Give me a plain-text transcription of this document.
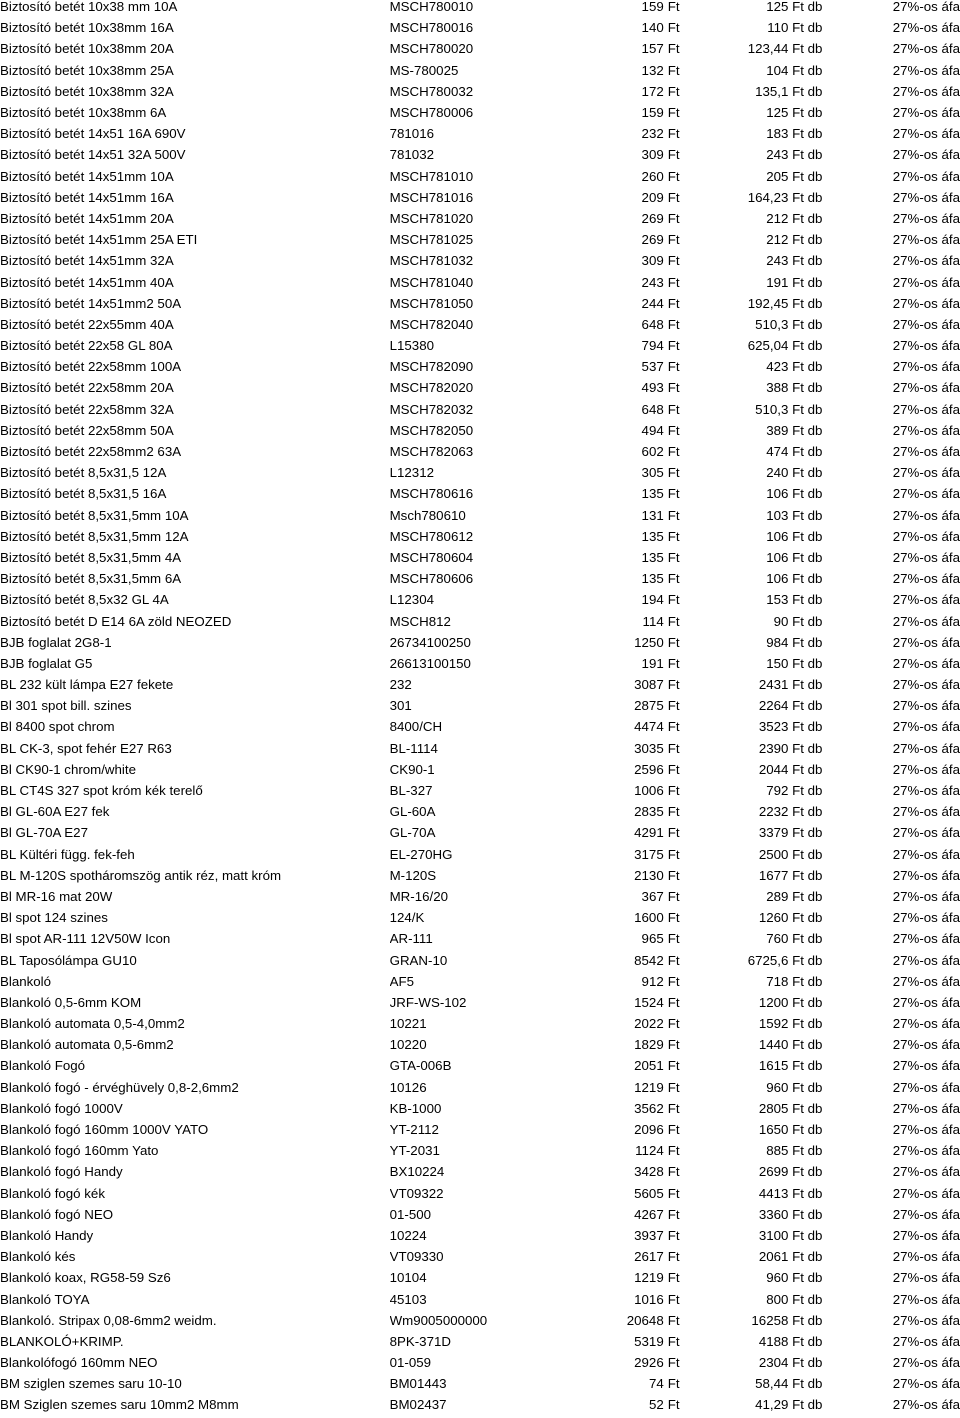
Biztosító betét 10x38 mm 10A	MSCH780010	159	Ft	125 Ft db	27%-os áfa
Biztosító betét 10x38mm 16A	MSCH780016	140	Ft	110 Ft db	27%-os áfa
Biztosító betét 10x38mm 20A	MSCH780020	157	Ft	123,44 Ft db	27%-os áfa
Biztosító betét 10x38mm 25A	MS-780025	132	Ft	104 Ft db	27%-os áfa
Biztosító betét 10x38mm 32A	MSCH780032	172	Ft	135,1 Ft db	27%-os áfa
Biztosító betét 10x38mm 6A	MSCH780006	159	Ft	125 Ft db	27%-os áfa
Biztosító betét 14x51 16A 690V	781016	232	Ft	183 Ft db	27%-os áfa
Biztosító betét 14x51 32A 500V	781032	309	Ft	243 Ft db	27%-os áfa
Biztosító betét 14x51mm 10A	MSCH781010	260	Ft	205 Ft db	27%-os áfa
Biztosító betét 14x51mm 16A	MSCH781016	209	Ft	164,23 Ft db	27%-os áfa
Biztosító betét 14x51mm 20A	MSCH781020	269	Ft	212 Ft db	27%-os áfa
Biztosító betét 14x51mm 25A ETI	MSCH781025	269	Ft	212 Ft db	27%-os áfa
Biztosító betét 14x51mm 32A	MSCH781032	309	Ft	243 Ft db	27%-os áfa
Biztosító betét 14x51mm 40A	MSCH781040	243	Ft	191 Ft db	27%-os áfa
Biztosító betét 14x51mm2 50A	MSCH781050	244	Ft	192,45 Ft db	27%-os áfa
Biztosító betét 22x55mm 40A	MSCH782040	648	Ft	510,3 Ft db	27%-os áfa
Biztosító betét 22x58 GL 80A	L15380	794	Ft	625,04 Ft db	27%-os áfa
Biztosító betét 22x58mm 100A	MSCH782090	537	Ft	423 Ft db	27%-os áfa
Biztosító betét 22x58mm 20A	MSCH782020	493	Ft	388 Ft db	27%-os áfa
Biztosító betét 22x58mm 32A	MSCH782032	648	Ft	510,3 Ft db	27%-os áfa
Biztosító betét 22x58mm 50A	MSCH782050	494	Ft	389 Ft db	27%-os áfa
Biztosító betét 22x58mm2 63A	MSCH782063	602	Ft	474 Ft db	27%-os áfa
Biztosító betét 8,5x31,5 12A	L12312	305	Ft	240 Ft db	27%-os áfa
Biztosító betét 8,5x31,5 16A	MSCH780616	135	Ft	106 Ft db	27%-os áfa
Biztosító betét 8,5x31,5mm 10A	Msch780610	131	Ft	103 Ft db	27%-os áfa
Biztosító betét 8,5x31,5mm 12A	MSCH780612	135	Ft	106 Ft db	27%-os áfa
Biztosító betét 8,5x31,5mm 4A	MSCH780604	135	Ft	106 Ft db	27%-os áfa
Biztosító betét 8,5x31,5mm 6A	MSCH780606	135	Ft	106 Ft db	27%-os áfa
Biztosító betét 8,5x32 GL 4A	L12304	194	Ft	153 Ft db	27%-os áfa
Biztosító betét D E14 6A zöld NEOZED	MSCH812	114	Ft	90 Ft db	27%-os áfa
BJB foglalat 2G8-1	26734100250	1250	Ft	984 Ft db	27%-os áfa
BJB foglalat G5	26613100150	191	Ft	150 Ft db	27%-os áfa
BL 232 kült lámpa E27 fekete	232	3087	Ft	2431 Ft db	27%-os áfa
Bl 301 spot bill. szines	301	2875	Ft	2264 Ft db	27%-os áfa
Bl 8400 spot chrom	8400/CH	4474	Ft	3523 Ft db	27%-os áfa
BL CK-3, spot fehér E27 R63	BL-1114	3035	Ft	2390 Ft db	27%-os áfa
Bl CK90-1 chrom/white	CK90-1	2596	Ft	2044 Ft db	27%-os áfa
BL CT4S 327 spot króm kék terelő	BL-327	1006	Ft	792 Ft db	27%-os áfa
Bl GL-60A E27 fek	GL-60A	2835	Ft	2232 Ft db	27%-os áfa
Bl GL-70A E27	GL-70A	4291	Ft	3379 Ft db	27%-os áfa
BL Kültéri függ. fek-feh	EL-270HG	3175	Ft	2500 Ft db	27%-os áfa
BL M-120S spotháromszög antik réz, matt króm	M-120S	2130	Ft	1677 Ft db	27%-os áfa
Bl MR-16 mat 20W	MR-16/20	367	Ft	289 Ft db	27%-os áfa
Bl spot 124 szines	124/K	1600	Ft	1260 Ft db	27%-os áfa
Bl spot AR-111 12V50W Icon	AR-111	965	Ft	760 Ft db	27%-os áfa
BL Taposólámpa GU10	GRAN-10	8542	Ft	6725,6 Ft db	27%-os áfa
Blankoló	AF5	912	Ft	718 Ft db	27%-os áfa
Blankoló 0,5-6mm KOM	JRF-WS-102	1524	Ft	1200 Ft db	27%-os áfa
Blankoló automata 0,5-4,0mm2	10221	2022	Ft	1592 Ft db	27%-os áfa
Blankoló automata 0,5-6mm2	10220	1829	Ft	1440 Ft db	27%-os áfa
Blankoló Fogó	GTA-006B	2051	Ft	1615 Ft db	27%-os áfa
Blankoló fogó - érvéghüvely 0,8-2,6mm2	10126	1219	Ft	960 Ft db	27%-os áfa
Blankoló fogó 1000V	KB-1000	3562	Ft	2805 Ft db	27%-os áfa
Blankoló fogó 160mm 1000V YATO	YT-2112	2096	Ft	1650 Ft db	27%-os áfa
Blankoló fogó 160mm Yato	YT-2031	1124	Ft	885 Ft db	27%-os áfa
Blankoló fogó Handy	BX10224	3428	Ft	2699 Ft db	27%-os áfa
Blankoló fogó kék	VT09322	5605	Ft	4413 Ft db	27%-os áfa
Blankoló fogó NEO	01-500	4267	Ft	3360 Ft db	27%-os áfa
Blankoló Handy	10224	3937	Ft	3100 Ft db	27%-os áfa
Blankoló kés	VT09330	2617	Ft	2061 Ft db	27%-os áfa
Blankoló koax, RG58-59 Sz6	10104	1219	Ft	960 Ft db	27%-os áfa
Blankoló TOYA	45103	1016	Ft	800 Ft db	27%-os áfa
Blankoló. Stripax 0,08-6mm2 weidm.	Wm9005000000	20648	Ft	16258 Ft db	27%-os áfa
BLANKOLÓ+KRIMP.	8PK-371D	5319	Ft	4188 Ft db	27%-os áfa
Blankolófogó 160mm NEO	01-059	2926	Ft	2304 Ft db	27%-os áfa
BM sziglen szemes saru 10-10	BM01443	74	Ft	58,44 Ft db	27%-os áfa
BM Sziglen szemes saru 10mm2 M8mm	BM02437	52	Ft	41,29 Ft db	27%-os áfa
